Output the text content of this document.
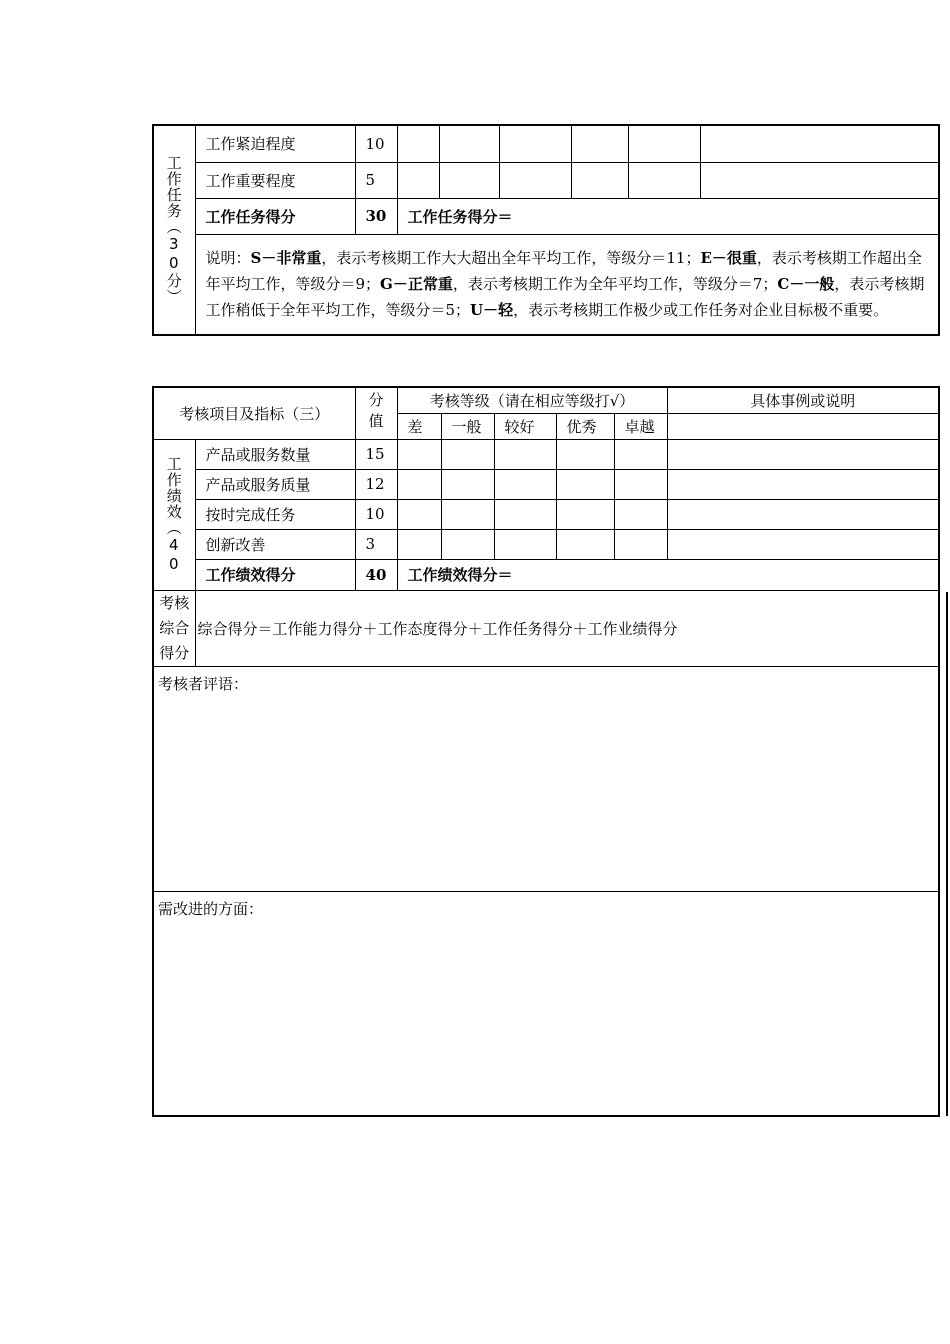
工作任务（30分）	工作紧迫程度	10						
	工作重要程度	5						
	工作任务得分	30	工作任务得分＝					
	说明：S－非常重，表示考核期工作大大超出全年平均工作，等级分＝11；E－很重，表示考核期工作超出全年平均工作，等级分＝9；G－正常重，表示考核期工作为全年平均工作，等级分＝7；C－一般，表示考核期工作稍低于全年平均工作，等级分＝5；U－轻，表示考核期工作极少或工作任务对企业目标极不重要。							
考核项目及指标（三）		分值	考核等级（请在相应等级打√）					具体事例或说明
			差	一般	较好	优秀	卓越	
工作绩效（40	产品或服务数量	15						
	产品或服务质量	12						
	按时完成任务	10						
	创新改善	3						
	工作绩效得分	40	工作绩效得分＝					
考核综合得分	综合得分＝工作能力得分＋工作态度得分＋工作任务得分＋工作业绩得分							
考核者评语：								
需改进的方面：								
